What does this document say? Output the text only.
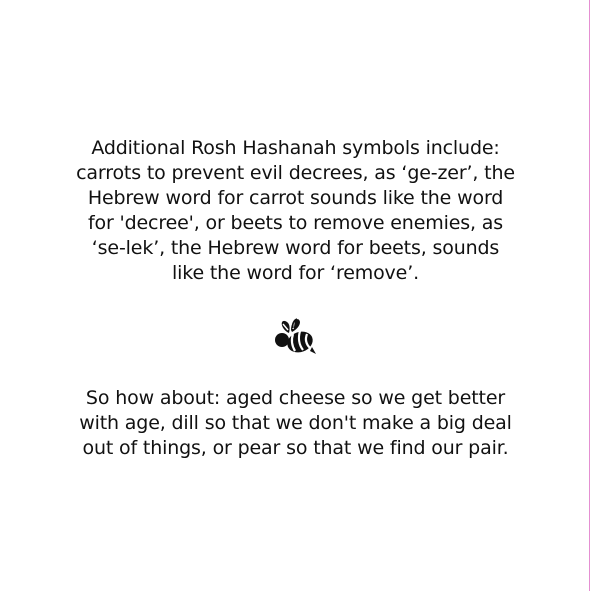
Additional Rosh Hashanah symbols include:
carrots to prevent evil decrees, as ‘ge-zer’, the
Hebrew word for carrot sounds like the word
for 'decree', or beets to remove enemies, as
‘se-lek’, the Hebrew word for beets, sounds
like the word for ‘remove’.

So how about: aged cheese so we get better
with age, dill so that we don't make a big deal
out of things, or pear so that we find our pair.
